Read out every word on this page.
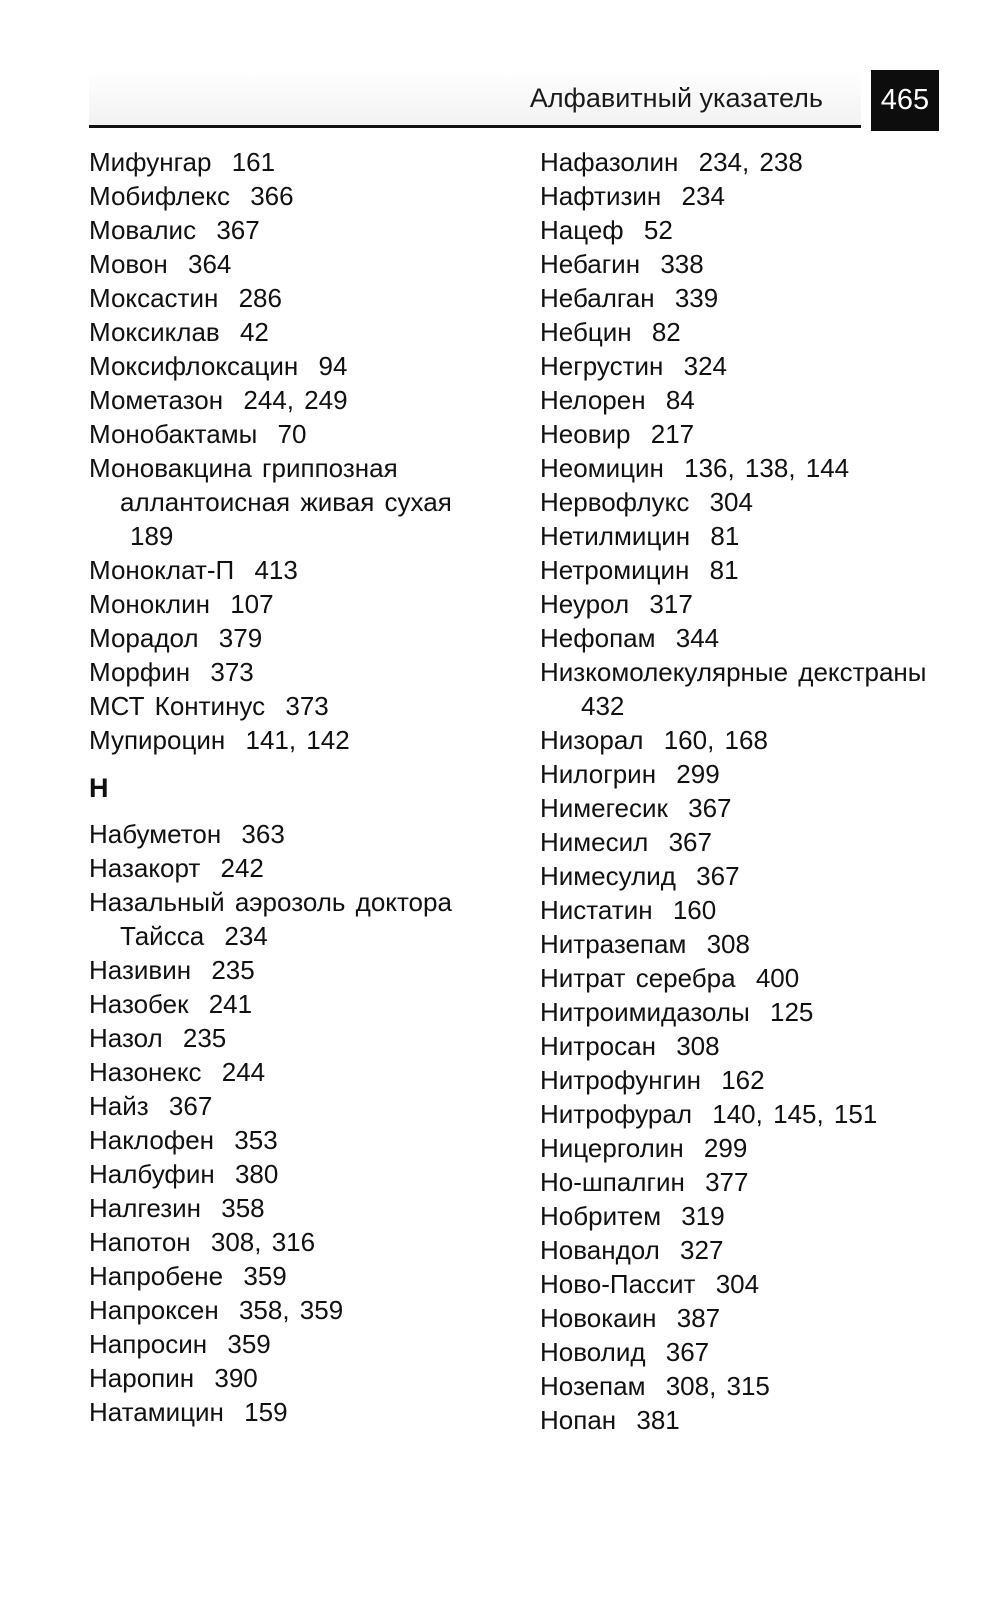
Алфавитный указатель	465
Мифунгар 161
Мобифлекс 366
Мовалис 367
Мовон 364
Моксастин 286
Моксиклав 42
Моксифлоксацин 94
Мометазон 244, 249
Монобактамы 70
Моновакцина гриппозная аллантоисная живая сухая 189
Моноклат-П 413
Моноклин 107
Морадол 379
Морфин 373
МСТ Континус 373
Мупироцин 141, 142
Н
Набуметон 363
Назакорт 242
Назальный аэрозоль доктора Тайсса 234
Називин 235
Назобек 241
Назол 235
Назонекс 244
Найз 367
Наклофен 353
Налбуфин 380
Налгезин 358
Напотон 308, 316
Напробене 359
Напроксен 358, 359
Напросин 359
Наропин 390
Натамицин 159
Нафазолин 234, 238
Нафтизин 234
Нацеф 52
Небагин 338
Небалган 339
Небцин 82
Негрустин 324
Нелорен 84
Неовир 217
Неомицин 136, 138, 144
Нервофлукс 304
Нетилмицин 81
Нетромицин 81
Неурол 317
Нефопам 344
Низкомолекулярные декстраны 432
Низорал 160, 168
Нилогрин 299
Нимегесик 367
Нимесил 367
Нимесулид 367
Нистатин 160
Нитразепам 308
Нитрат серебра 400
Нитроимидазолы 125
Нитросан 308
Нитрофунгин 162
Нитрофурал 140, 145, 151
Ницерголин 299
Но-шпалгин 377
Нобритем 319
Новандол 327
Ново-Пассит 304
Новокаин 387
Новолид 367
Нозепам 308, 315
Нопан 381
